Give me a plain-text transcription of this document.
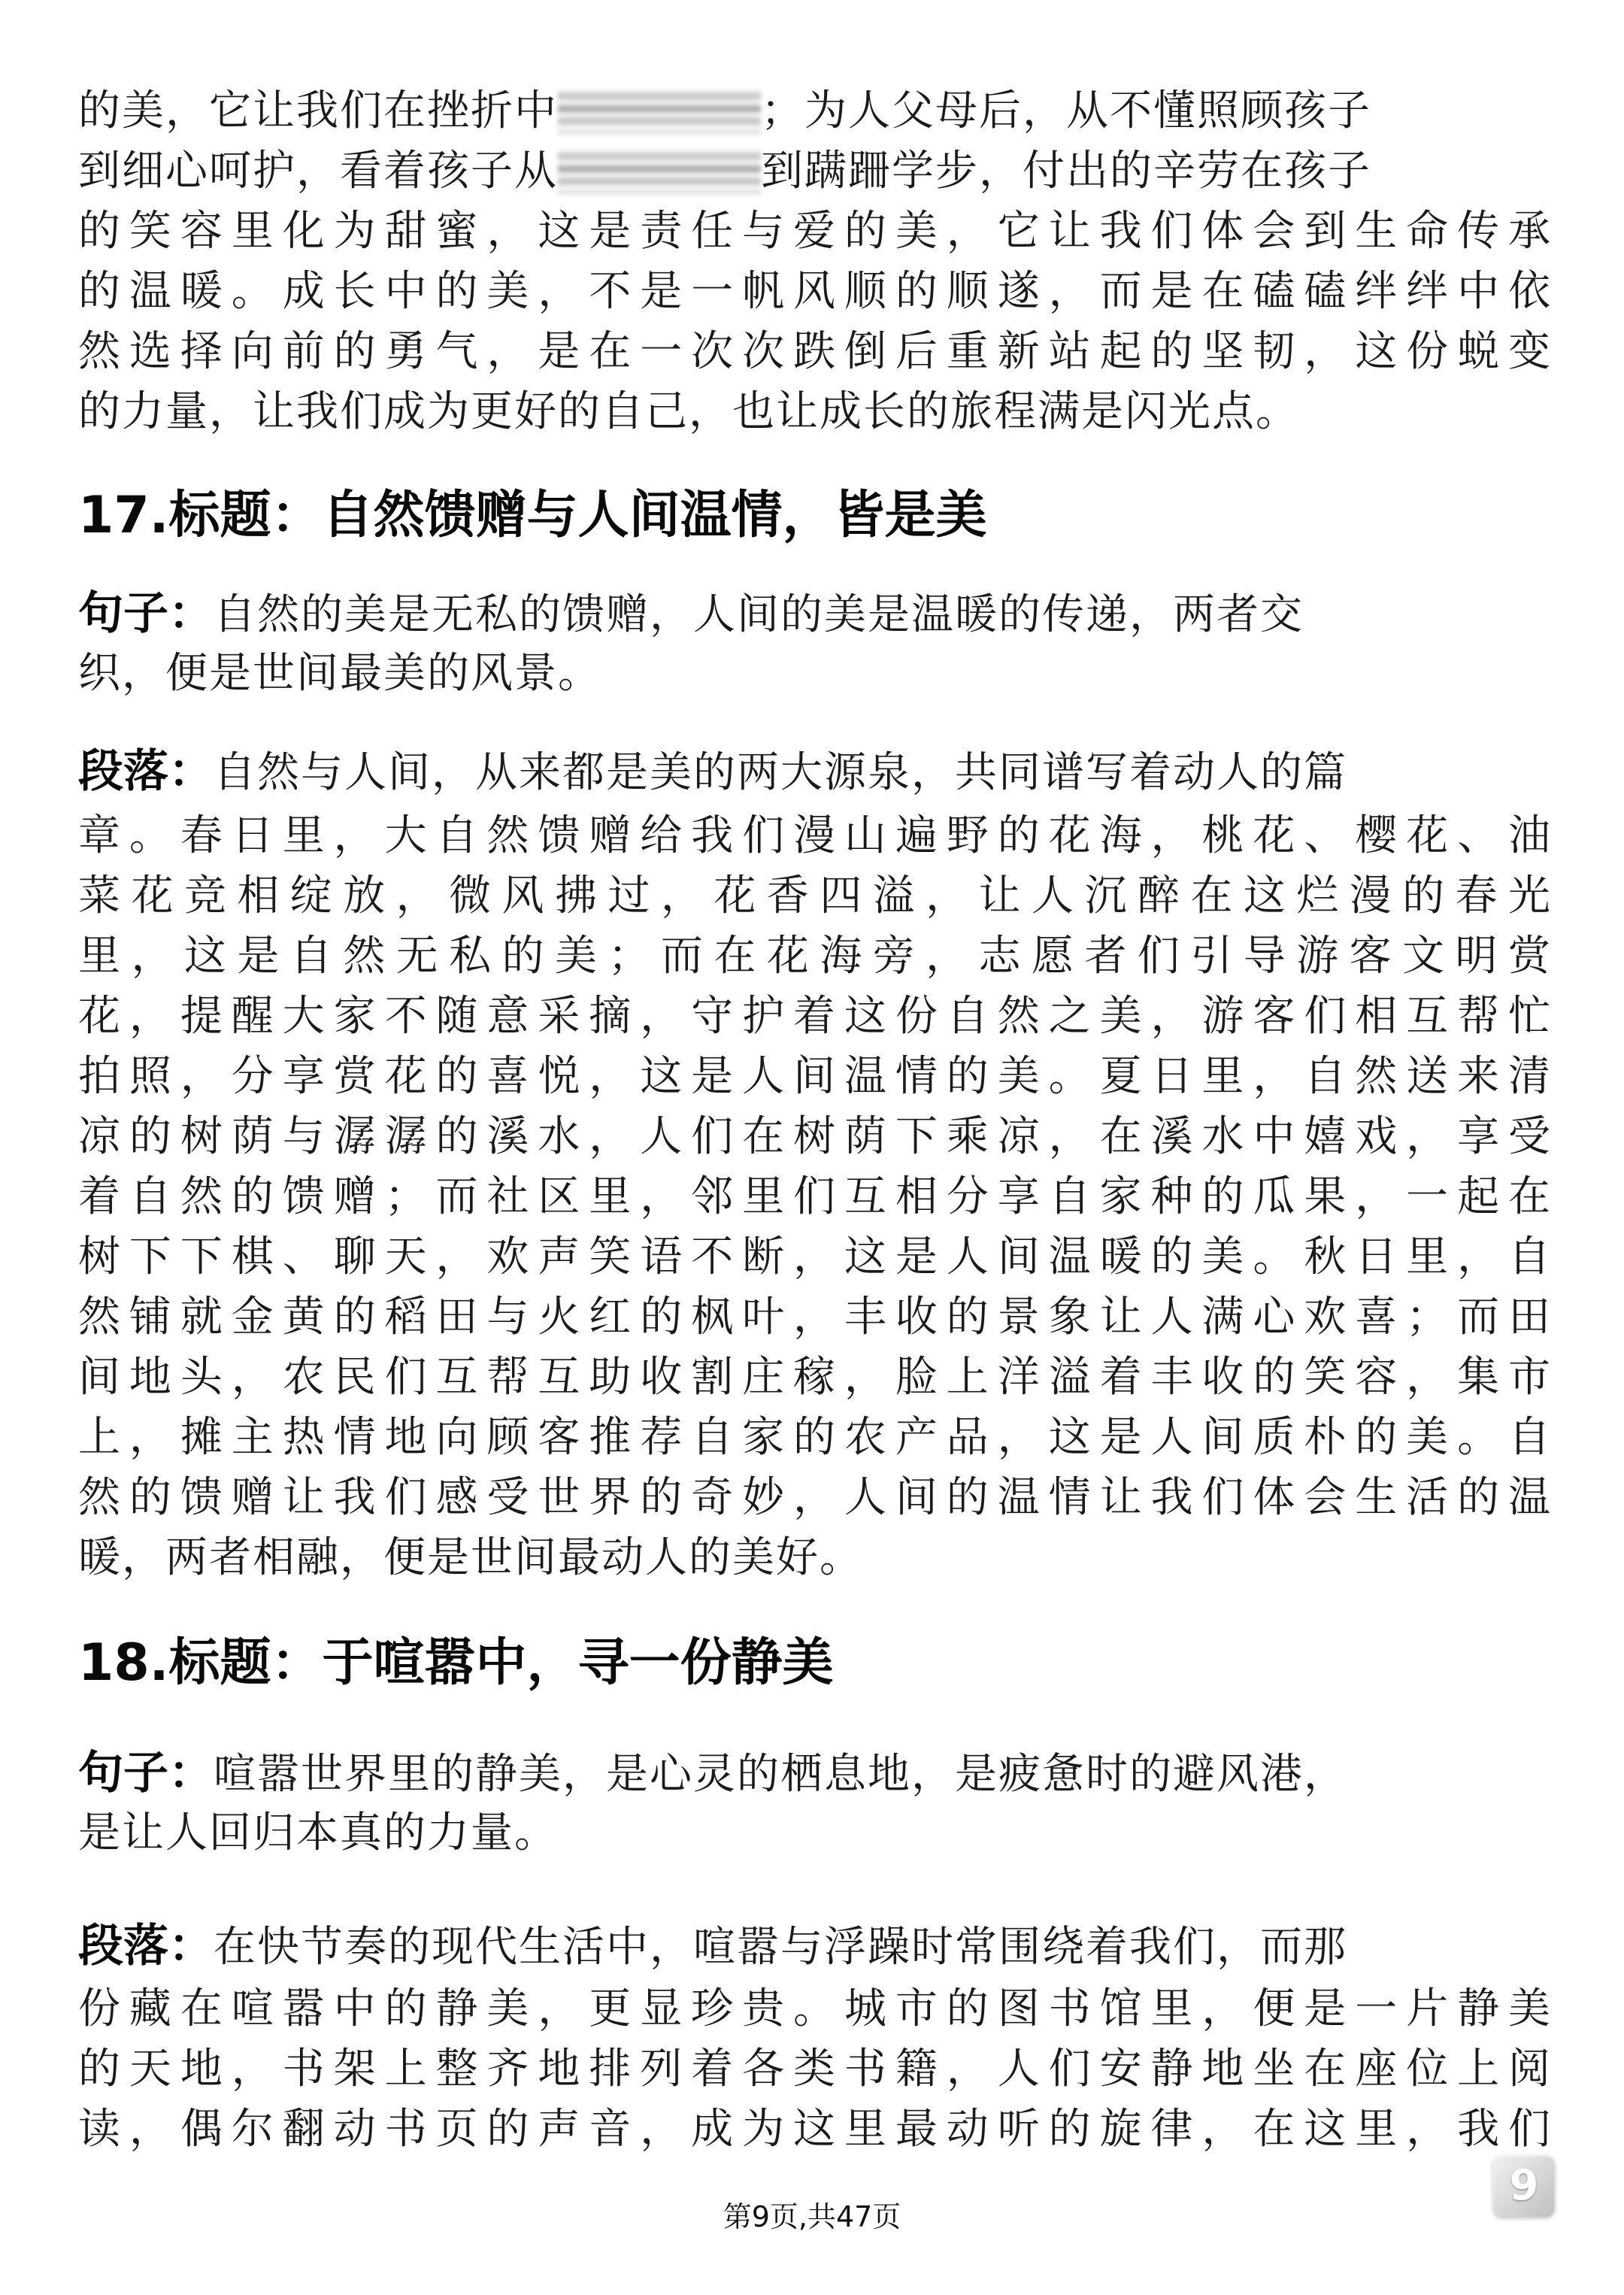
的美，它让我们在挫折中	；为人父母后，从不懂照顾孩子
到细心呵护，看着孩子从	到蹒跚学步，付出的辛劳在孩子
的笑容里化为甜蜜，这是责任与爱的美，它让我们体会到生命传承
的温暖。成长中的美，不是一帆风顺的顺遂，而是在磕磕绊绊中依
然选择向前的勇气，是在一次次跌倒后重新站起的坚韧，这份蜕变
的力量，让我们成为更好的自己，也让成长的旅程满是闪光点。
17.标题：自然馈赠与人间温情，皆是美
句子：自然的美是无私的馈赠，人间的美是温暖的传递，两者交
织，便是世间最美的风景。
段落：自然与人间，从来都是美的两大源泉，共同谱写着动人的篇
章。春日里，大自然馈赠给我们漫山遍野的花海，桃花、樱花、油
菜花竞相绽放，微风拂过，花香四溢，让人沉醉在这烂漫的春光
里，这是自然无私的美；而在花海旁，志愿者们引导游客文明赏
花，提醒大家不随意采摘，守护着这份自然之美，游客们相互帮忙
拍照，分享赏花的喜悦，这是人间温情的美。夏日里，自然送来清
凉的树荫与潺潺的溪水，人们在树荫下乘凉，在溪水中嬉戏，享受
着自然的馈赠；而社区里，邻里们互相分享自家种的瓜果，一起在
树下下棋、聊天，欢声笑语不断，这是人间温暖的美。秋日里，自
然铺就金黄的稻田与火红的枫叶，丰收的景象让人满心欢喜；而田
间地头，农民们互帮互助收割庄稼，脸上洋溢着丰收的笑容，集市
上，摊主热情地向顾客推荐自家的农产品，这是人间质朴的美。自
然的馈赠让我们感受世界的奇妙，人间的温情让我们体会生活的温
暖，两者相融，便是世间最动人的美好。
18.标题：于喧嚣中，寻一份静美
句子：喧嚣世界里的静美，是心灵的栖息地，是疲惫时的避风港，
是让人回归本真的力量。
段落：在快节奏的现代生活中，喧嚣与浮躁时常围绕着我们，而那
份藏在喧嚣中的静美，更显珍贵。城市的图书馆里，便是一片静美
的天地，书架上整齐地排列着各类书籍，人们安静地坐在座位上阅
读，偶尔翻动书页的声音，成为这里最动听的旋律，在这里，我们
第9页,共47页
9
